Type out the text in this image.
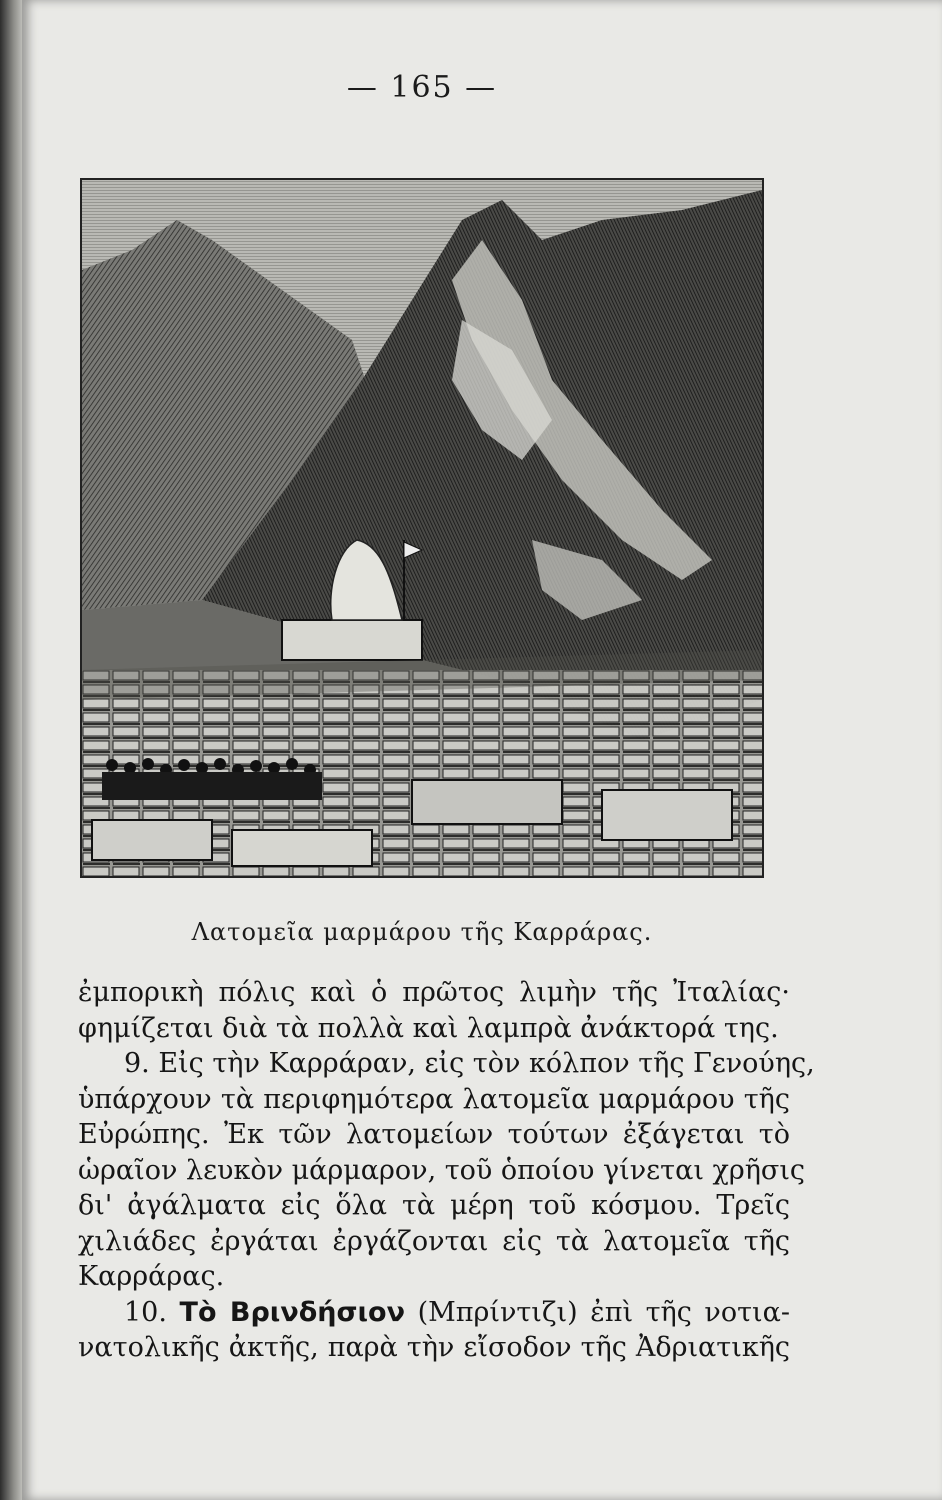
— 165 —
Λατομεῖα μαρμάρου τῆς Καρράρας.
ἐμπορικὴ πόλις καὶ ὁ πρῶτος λιμὴν τῆς Ἰταλίας·
φημίζεται διὰ τὰ πολλὰ καὶ λαμπρὰ ἀνάκτορά της.
9. Εἰς τὴν Καρράραν, εἰς τὸν κόλπον τῆς Γενούης,
ὑπάρχουν τὰ περιφημότερα λατομεῖα μαρμάρου τῆς
Εὐρώπης. Ἐκ τῶν λατομείων τούτων ἐξάγεται τὸ
ὡραῖον λευκὸν μάρμαρον, τοῦ ὁποίου γίνεται χρῆσις
δι' ἀγάλματα εἰς ὅλα τὰ μέρη τοῦ κόσμου. Τρεῖς
χιλιάδες ἐργάται ἐργάζονται εἰς τὰ λατομεῖα τῆς
Καρράρας.
10. Τὸ Βρινδήσιον (Μπρίντιζι) ἐπὶ τῆς νοτια-
νατολικῆς ἀκτῆς, παρὰ τὴν εἴσοδον τῆς Ἀδριατικῆς
